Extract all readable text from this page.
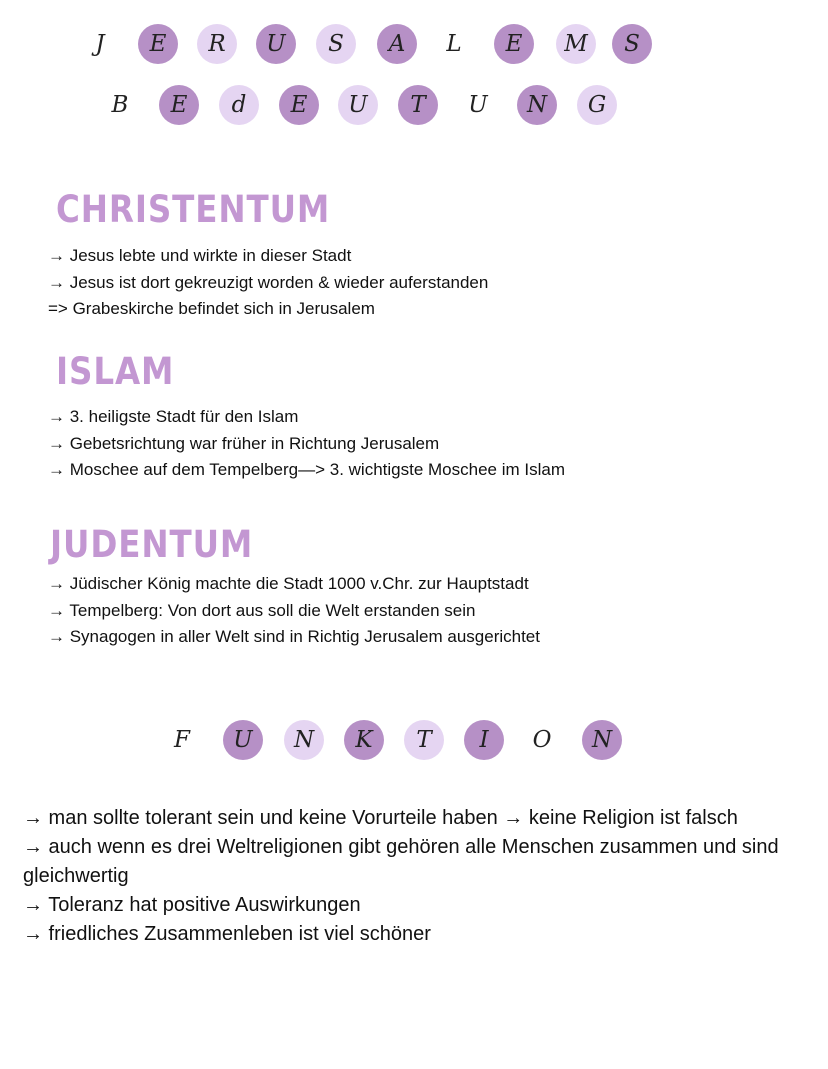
J	E	R	U	S	A	L	E	M	S
B	E	d	E	U	T	U	N	G
CHRISTENTUM
→ Jesus lebte und wirkte in dieser Stadt
→ Jesus ist dort gekreuzigt worden & wieder auferstanden
=> Grabeskirche befindet sich in Jerusalem
ISLAM
→ 3. heiligste Stadt für den Islam
→ Gebetsrichtung war früher in Richtung Jerusalem
→ Moschee auf dem Tempelberg—> 3. wichtigste Moschee im Islam
JUDENTUM
→ Jüdischer König machte die Stadt 1000 v.Chr. zur Hauptstadt
→ Tempelberg: Von dort aus soll die Welt erstanden sein
→ Synagogen in aller Welt sind in Richtig Jerusalem ausgerichtet
F	U	N	K	T	I	O	N
→ man sollte tolerant sein und keine Vorurteile haben → keine Religion ist falsch
→ auch wenn es drei Weltreligionen gibt gehören alle Menschen zusammen und sind gleichwertig
→ Toleranz hat positive Auswirkungen
→ friedliches Zusammenleben ist viel schöner
